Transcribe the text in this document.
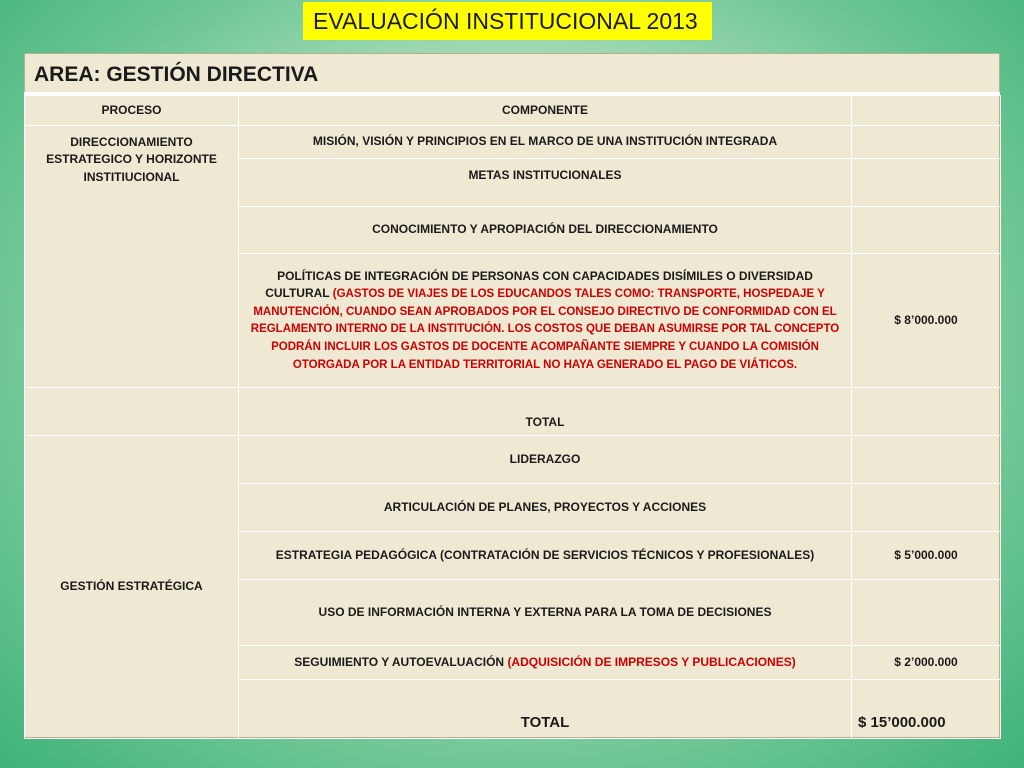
EVALUACIÓN INSTITUCIONAL 2013
AREA: GESTIÓN DIRECTIVA
PROCESO	COMPONENTE	
DIRECCIONAMIENTO ESTRATEGICO Y HORIZONTE INSTITIUCIONAL	MISIÓN, VISIÓN Y PRINCIPIOS EN EL MARCO DE UNA INSTITUCIÓN INTEGRADA	
	METAS INSTITUCIONALES	
	CONOCIMIENTO Y APROPIACIÓN DEL DIRECCIONAMIENTO	
	POLÍTICAS DE INTEGRACIÓN DE PERSONAS CON CAPACIDADES DISÍMILES O DIVERSIDAD CULTURAL (GASTOS DE VIAJES DE LOS EDUCANDOS TALES COMO: TRANSPORTE, HOSPEDAJE Y MANUTENCIÓN, CUANDO SEAN APROBADOS POR EL CONSEJO DIRECTIVO DE CONFORMIDAD CON EL REGLAMENTO INTERNO DE LA INSTITUCIÓN. LOS COSTOS QUE DEBAN ASUMIRSE POR TAL CONCEPTO PODRÁN INCLUIR LOS GASTOS DE DOCENTE ACOMPAÑANTE SIEMPRE Y CUANDO LA COMISIÓN OTORGADA POR LA ENTIDAD TERRITORIAL NO HAYA GENERADO EL PAGO DE VIÁTICOS.	$ 8’000.000
	TOTAL	
GESTIÓN ESTRATÉGICA	LIDERAZGO	
	ARTICULACIÓN DE PLANES, PROYECTOS Y ACCIONES	
	ESTRATEGIA PEDAGÓGICA (CONTRATACIÓN DE SERVICIOS TÉCNICOS Y PROFESIONALES)	$ 5’000.000
	USO DE INFORMACIÓN INTERNA Y EXTERNA PARA LA TOMA DE DECISIONES	
	SEGUIMIENTO Y AUTOEVALUACIÓN (ADQUISICIÓN DE IMPRESOS Y PUBLICACIONES)	$ 2’000.000
	TOTAL	$ 15’000.000
